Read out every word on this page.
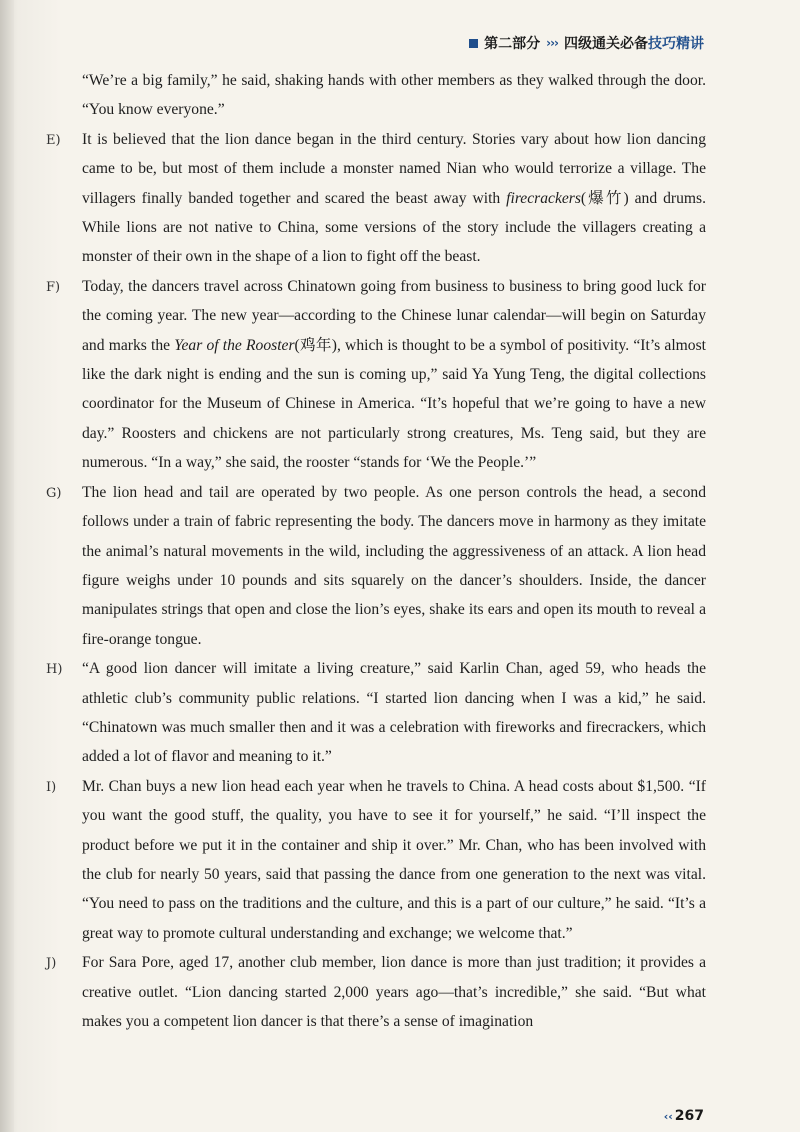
第二部分 ››› 四级通关必备技巧精讲

“We’re a big family,” he said, shaking hands with other members as they walked through the door. “You know everyone.”

E) It is believed that the lion dance began in the third century. Stories vary about how lion dancing came to be, but most of them include a monster named Nian who would terrorize a village. The villagers finally banded together and scared the beast away with firecrackers(爆竹) and drums. While lions are not native to China, some versions of the story include the villagers creating a monster of their own in the shape of a lion to fight off the beast.

F) Today, the dancers travel across Chinatown going from business to business to bring good luck for the coming year. The new year—according to the Chinese lunar calendar—will begin on Saturday and marks the Year of the Rooster(鸡年), which is thought to be a symbol of positivity. “It’s almost like the dark night is ending and the sun is coming up,” said Ya Yung Teng, the digital collections coordinator for the Museum of Chinese in America. “It’s hopeful that we’re going to have a new day.” Roosters and chickens are not particularly strong creatures, Ms. Teng said, but they are numerous. “In a way,” she said, the rooster “stands for ‘We the People.’”

G) The lion head and tail are operated by two people. As one person controls the head, a second follows under a train of fabric representing the body. The dancers move in harmony as they imitate the animal’s natural movements in the wild, including the aggressiveness of an attack. A lion head figure weighs under 10 pounds and sits squarely on the dancer’s shoulders. Inside, the dancer manipulates strings that open and close the lion’s eyes, shake its ears and open its mouth to reveal a fire-orange tongue.

H) “A good lion dancer will imitate a living creature,” said Karlin Chan, aged 59, who heads the athletic club’s community public relations. “I started lion dancing when I was a kid,” he said. “Chinatown was much smaller then and it was a celebration with fireworks and firecrackers, which added a lot of flavor and meaning to it.”

I) Mr. Chan buys a new lion head each year when he travels to China. A head costs about $1,500. “If you want the good stuff, the quality, you have to see it for yourself,” he said. “I’ll inspect the product before we put it in the container and ship it over.” Mr. Chan, who has been involved with the club for nearly 50 years, said that passing the dance from one generation to the next was vital. “You need to pass on the traditions and the culture, and this is a part of our culture,” he said. “It’s a great way to promote cultural understanding and exchange; we welcome that.”

J) For Sara Pore, aged 17, another club member, lion dance is more than just tradition; it provides a creative outlet. “Lion dancing started 2,000 years ago—that’s incredible,” she said. “But what makes you a competent lion dancer is that there’s a sense of imagination

‹‹ 267
